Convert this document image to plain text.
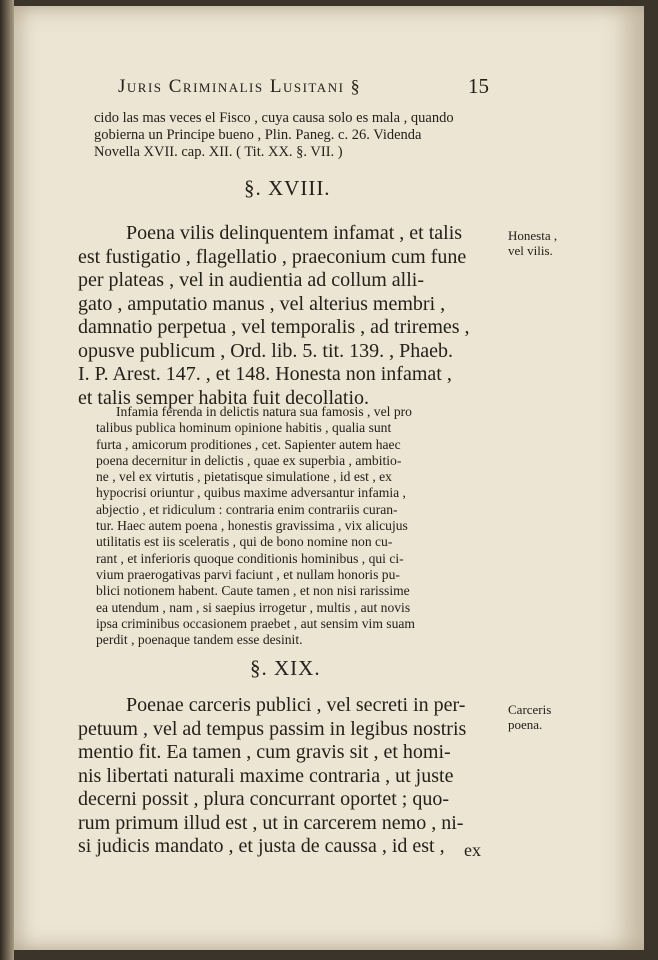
Juris Criminalis Lusitani §	15
cido las mas veces el Fisco , cuya causa solo es mala , quando
gobierna un Principe bueno , Plin. Paneg. c. 26. Videnda
Novella XVII. cap. XII. ( Tit. XX. §. VII. )
§. XVIII.
Honesta ,
vel vilis.
Poena vilis delinquentem infamat , et talis
est fustigatio , flagellatio , praeconium cum fune
per plateas , vel in audientia ad collum alli-
gato , amputatio manus , vel alterius membri ,
damnatio perpetua , vel temporalis , ad triremes ,
opusve publicum , Ord. lib. 5. tit. 139. , Phaeb.
I. P. Arest. 147. , et 148. Honesta non infamat ,
et talis semper habita fuit decollatio.
Infamia ferenda in delictis natura sua famosis , vel pro
talibus publica hominum opinione habitis , qualia sunt
furta , amicorum proditiones , cet. Sapienter autem haec
poena decernitur in delictis , quae ex superbia , ambitio-
ne , vel ex virtutis , pietatisque simulatione , id est , ex
hypocrisi oriuntur , quibus maxime adversantur infamia ,
abjectio , et ridiculum : contraria enim contrariis curan-
tur. Haec autem poena , honestis gravissima , vix alicujus
utilitatis est iis sceleratis , qui de bono nomine non cu-
rant , et inferioris quoque conditionis hominibus , qui ci-
vium praerogativas parvi faciunt , et nullam honoris pu-
blici notionem habent. Caute tamen , et non nisi rarissime
ea utendum , nam , si saepius irrogetur , multis , aut novis
ipsa criminibus occasionem praebet , aut sensim vim suam
perdit , poenaque tandem esse desinit.
§. XIX.
Carceris
poena.
Poenae carceris publici , vel secreti in per-
petuum , vel ad tempus passim in legibus nostris
mentio fit. Ea tamen , cum gravis sit , et homi-
nis libertati naturali maxime contraria , ut juste
decerni possit , plura concurrant oportet ; quo-
rum primum illud est , ut in carcerem nemo , ni-
si judicis mandato , et justa de caussa , id est ,	ex
